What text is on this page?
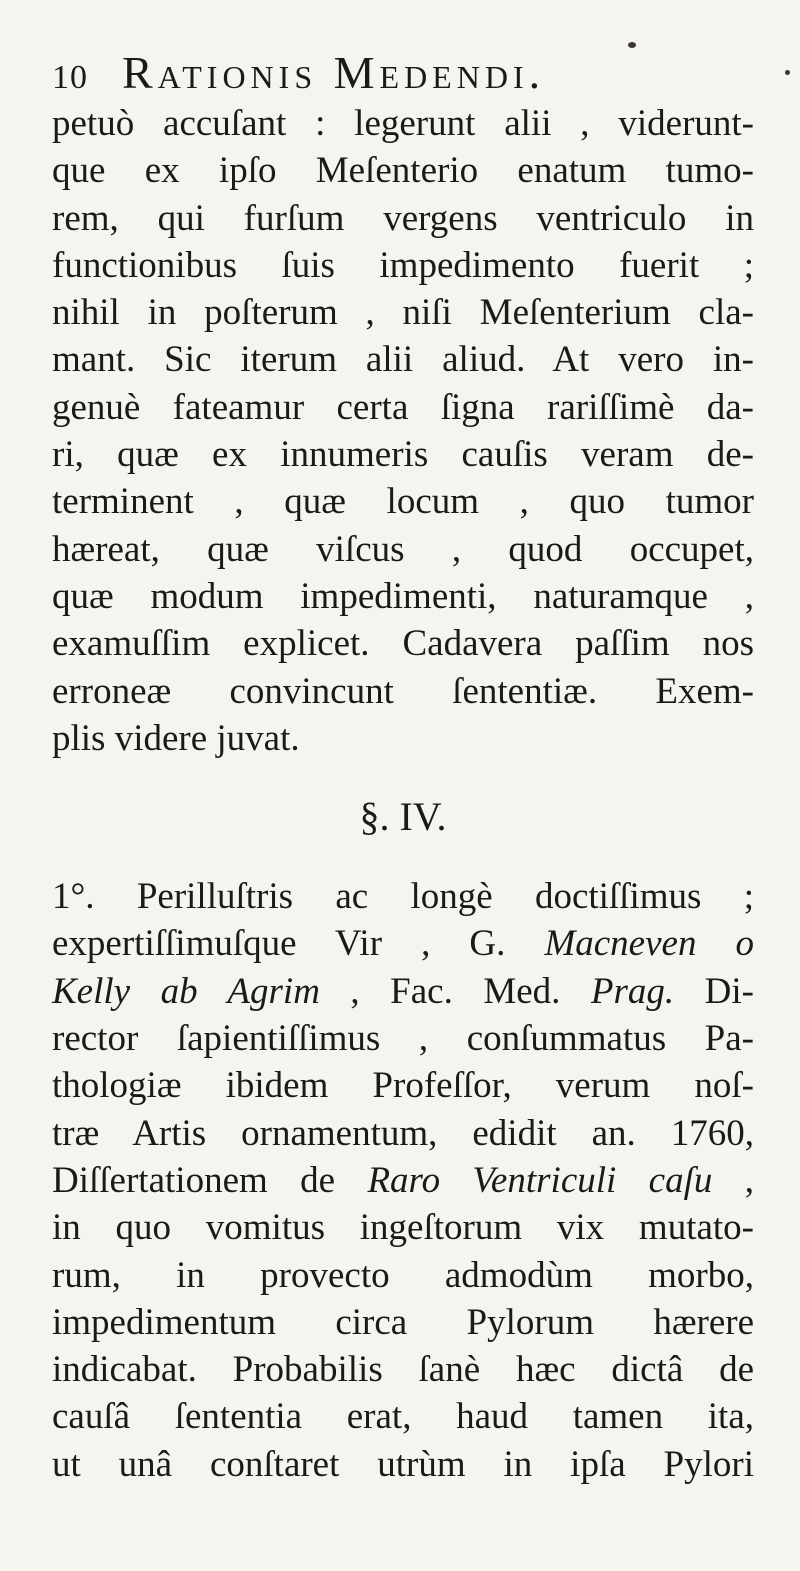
10 Rationis Medendi.
petuò accuſant : legerunt alii , viderunt-
que ex ipſo Meſenterio enatum tumo-
rem, qui furſum vergens ventriculo in
functionibus ſuis impedimento fuerit ;
nihil in poſterum , niſi Meſenterium cla-
mant. Sic iterum alii aliud. At vero in-
genuè fateamur certa ſigna rariſſimè da-
ri, quæ ex innumeris cauſis veram de-
terminent , quæ locum , quo tumor
hæreat, quæ viſcus , quod occupet,
quæ modum impedimenti, naturamque ,
examuſſim explicet. Cadavera paſſim nos
erroneæ convincunt ſententiæ. Exem-
plis videre juvat.
§. IV.
1°. Perilluſtris ac longè doctiſſimus ;
expertiſſimuſque Vir , G. Macneven o
Kelly ab Agrim , Fac. Med. Prag. Di-
rector ſapientiſſimus , conſummatus Pa-
thologiæ ibidem Profeſſor, verum noſ-
træ Artis ornamentum, edidit an. 1760,
Diſſertationem de Raro Ventriculi caſu ,
in quo vomitus ingeſtorum vix mutato-
rum, in provecto admodùm morbo,
impedimentum circa Pylorum hærere
indicabat. Probabilis ſanè hæc dictâ de
cauſâ ſententia erat, haud tamen ita,
ut unâ conſtaret utrùm in ipſa Pylori
